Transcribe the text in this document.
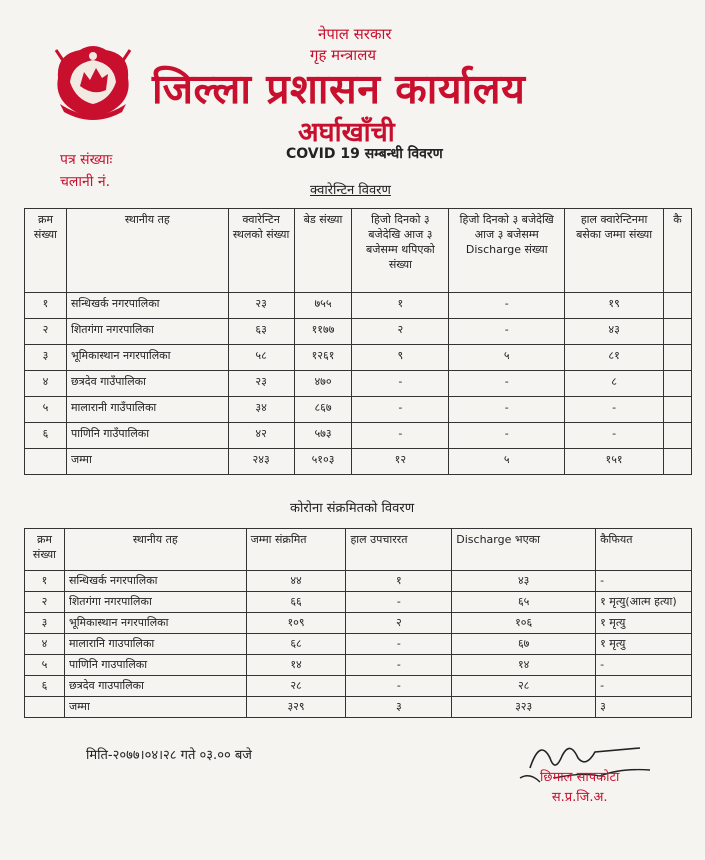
नेपाल सरकार
गृह मन्त्रालय
जिल्ला प्रशासन कार्यालय
अर्घाखाँची
पत्र संख्याः
चलानी नं.
COVID 19 सम्बन्धी विवरण
क्वारेन्टिन विवरण
क्रम संख्या	स्थानीय तह	क्वारेन्टिन स्थलको संख्या	बेड संख्या	हिजो दिनको ३ बजेदेखि आज ३ बजेसम्म थपिएको संख्या	हिजो दिनको ३ बजेदेखि आज ३ बजेसम्म Discharge संख्या	हाल क्वारेन्टिनमा बसेका जम्मा संख्या	कै
१	सन्धिखर्क नगरपालिका	२३	७५५	१	-	१९	
२	शितगंगा नगरपालिका	६३	११७७	२	-	४३	
३	भूमिकास्थान नगरपालिका	५८	१२६१	९	५	८१	
४	छत्रदेव गाउँपालिका	२३	४७०	-	-	८	
५	मालारानी गाउँपालिका	३४	८६७	-	-	-	
६	पाणिनि गाउँपालिका	४२	५७३	-	-	-	
	जम्मा	२४३	५१०३	१२	५	१५१	
कोरोना संक्रमितको विवरण
क्रम संख्या	स्थानीय तह	जम्मा संक्रमित	हाल उपचाररत	Discharge भएका	कैफियत
१	सन्धिखर्क नगरपालिका	४४	१	४३	-
२	शितगंगा नगरपालिका	६६	-	६५	१ मृत्यु(आत्म हत्या)
३	भूमिकास्थान नगरपालिका	१०९	२	१०६	१ मृत्यु
४	मालारानि गाउपालिका	६८	-	६७	१ मृत्यु
५	पाणिनि गाउपालिका	१४	-	१४	-
६	छत्रदेव गाउपालिका	२८	-	२८	-
	जम्मा	३२९	३	३२३	३
मिति-२०७७।०४।२८ गते ०३.०० बजे
छिमाल सापकोटा
स.प्र.जि.अ.
